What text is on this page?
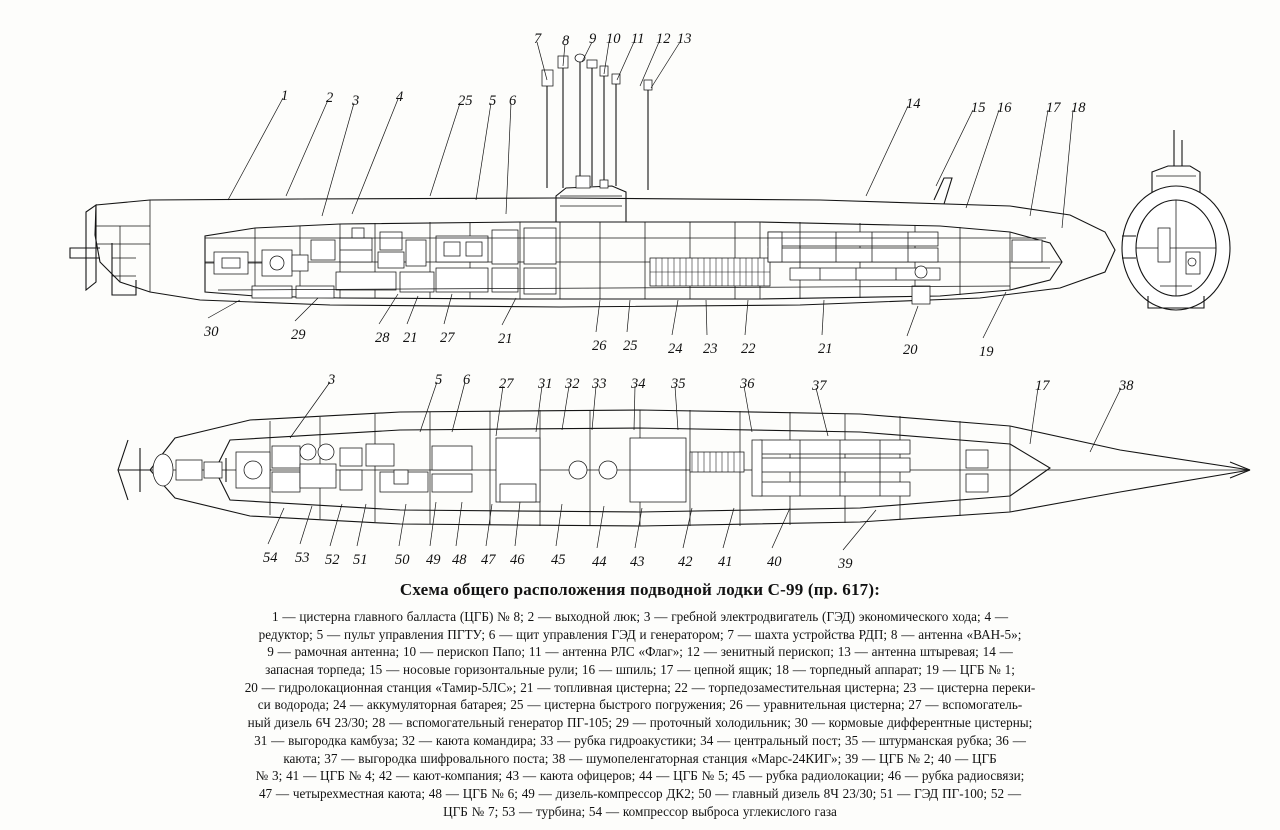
7 8 9 10 11 12 13
1	2 3	4	25 5 6	14	15 16 17 18
30	29	28 21 27	21	26 25 24 23 22	21	20	19
3	5 6 27 31 32 33 34 35	36	37	17	38
54 53 52 51 50 49 48 47 46 45 44 43 42 41 40	39
Схема общего расположения подводной лодки С-99 (пр. 617):
1 — цистерна главного балласта (ЦГБ) № 8; 2 — выходной люк; 3 — гребной электродвигатель (ГЭД) экономического хода; 4 —
редуктор; 5 — пульт управления ПГТУ; 6 — щит управления ГЭД и генератором; 7 — шахта устройства РДП; 8 — антенна «ВАН-5»;
9 — рамочная антенна; 10 — перископ Папо; 11 — антенна РЛС «Флаг»; 12 — зенитный перископ; 13 — антенна штыревая; 14 —
запасная торпеда; 15 — носовые горизонтальные рули; 16 — шпиль; 17 — цепной ящик; 18 — торпедный аппарат; 19 — ЦГБ № 1;
20 — гидролокационная станция «Тамир-5ЛС»; 21 — топливная цистерна; 22 — торпедозаместительная цистерна; 23 — цистерна переки-
си водорода; 24 — аккумуляторная батарея; 25 — цистерна быстрого погружения; 26 — уравнительная цистерна; 27 — вспомогатель-
ный дизель 6Ч 23/30; 28 — вспомогательный генератор ПГ-105; 29 — проточный холодильник; 30 — кормовые дифферентные цистерны;
31 — выгородка камбуза; 32 — каюта командира; 33 — рубка гидроакустики; 34 — центральный пост; 35 — штурманская рубка; 36 —
каюта; 37 — выгородка шифровального поста; 38 — шумопеленгаторная станция «Марс-24КИГ»; 39 — ЦГБ № 2; 40 — ЦГБ
№ 3; 41 — ЦГБ № 4; 42 — кают-компания; 43 — каюта офицеров; 44 — ЦГБ № 5; 45 — рубка радиолокации; 46 — рубка радиосвязи;
47 — четырехместная каюта; 48 — ЦГБ № 6; 49 — дизель-компрессор ДК2; 50 — главный дизель 8Ч 23/30; 51 — ГЭД ПГ-100; 52 —
ЦГБ № 7; 53 — турбина; 54 — компрессор выброса углекислого газа
